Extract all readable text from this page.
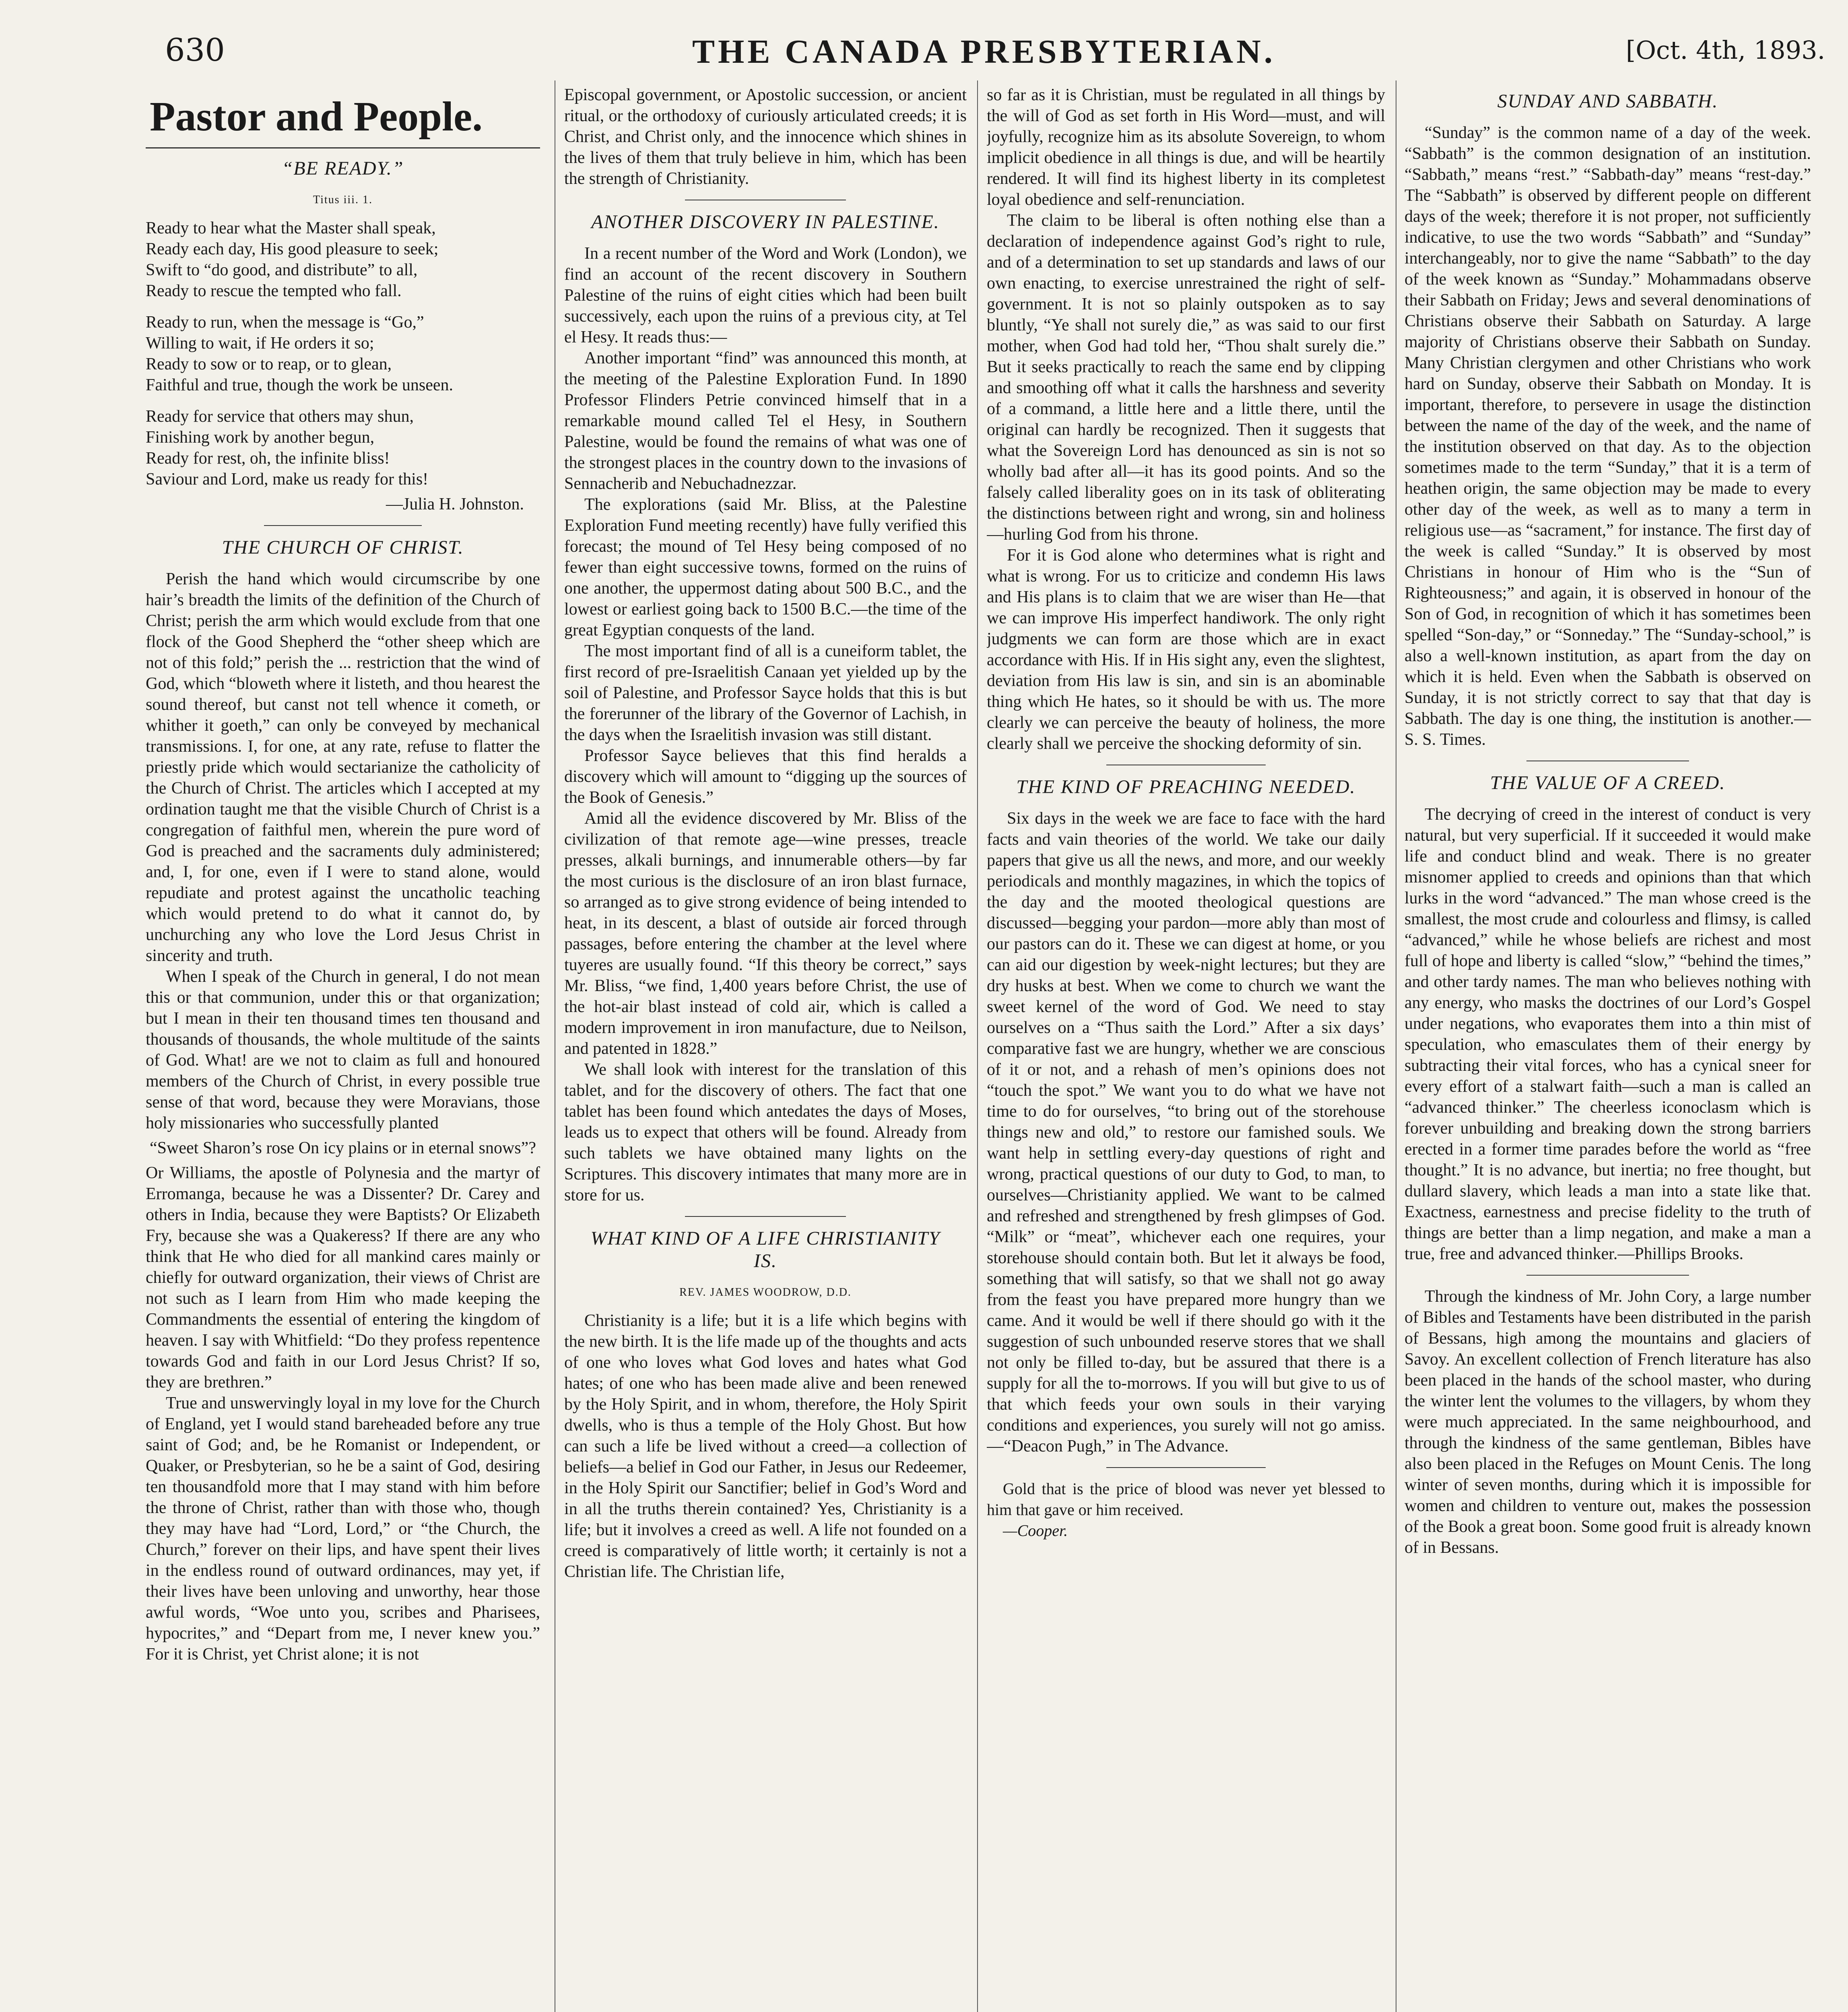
630	THE CANADA PRESBYTERIAN.	[Oct. 4th, 1893.
Pastor and People.
“BE READY.”
Titus iii. 1.

Ready to hear what the Master shall speak,

Ready each day, His good pleasure to seek;

Swift to “do good, and distribute” to all,

Ready to rescue the tempted who fall.

Ready to run, when the message is “Go,”

Willing to wait, if He orders it so;

Ready to sow or to reap, or to glean,

Faithful and true, though the work be unseen.

Ready for service that others may shun,

Finishing work by another begun,

Ready for rest, oh, the infinite bliss!

Saviour and Lord, make us ready for this!

—Julia H. Johnston.
THE CHURCH OF CHRIST.

Perish the hand which would circumscribe by one hair’s breadth the limits of the definition of the Church of Christ; perish the arm which would exclude from that one flock of the Good Shepherd the “other sheep which are not of this fold;” perish the ... restriction that the wind of God, which “bloweth where it listeth, and thou hearest the sound thereof, but canst not tell whence it cometh, or whither it goeth,” can only be conveyed by mechanical transmissions. I, for one, at any rate, refuse to flatter the priestly pride which would sectarianize the catholicity of the Church of Christ. The articles which I accepted at my ordination taught me that the visible Church of Christ is a congregation of faithful men, wherein the pure word of God is preached and the sacraments duly administered; and, I, for one, even if I were to stand alone, would repudiate and protest against the uncatholic teaching which would pretend to do what it cannot do, by unchurching any who love the Lord Jesus Christ in sincerity and truth.

When I speak of the Church in general, I do not mean this or that communion, under this or that organization; but I mean in their ten thousand times ten thousand and thousands of thousands, the whole multitude of the saints of God. What! are we not to claim as full and honoured members of the Church of Christ, in every possible true sense of that word, because they were Moravians, those holy missionaries who successfully planted

“Sweet Sharon’s rose On icy plains or in eternal snows”?

Or Williams, the apostle of Polynesia and the martyr of Erromanga, because he was a Dissenter? Dr. Carey and others in India, because they were Baptists? Or Elizabeth Fry, because she was a Quakeress? If there are any who think that He who died for all mankind cares mainly or chiefly for outward organization, their views of Christ are not such as I learn from Him who made keeping the Commandments the essential of entering the kingdom of heaven. I say with Whitfield: “Do they profess repentence towards God and faith in our Lord Jesus Christ? If so, they are brethren.”

True and unswervingly loyal in my love for the Church of England, yet I would stand bareheaded before any true saint of God; and, be he Romanist or Independent, or Quaker, or Presbyterian, so he be a saint of God, desiring ten thousandfold more that I may stand with him before the throne of Christ, rather than with those who, though they may have had “Lord, Lord,” or “the Church, the Church,” forever on their lips, and have spent their lives in the endless round of outward ordinances, may yet, if their lives have been unloving and unworthy, hear those awful words, “Woe unto you, scribes and Pharisees, hypocrites,” and “Depart from me, I never knew you.” For it is Christ, yet Christ alone; it is not

Episcopal government, or Apostolic succession, or ancient ritual, or the orthodoxy of curiously articulated creeds; it is Christ, and Christ only, and the innocence which shines in the lives of them that truly believe in him, which has been the strength of Christianity.

ANOTHER DISCOVERY IN PALESTINE.

In a recent number of the Word and Work (London), we find an account of the recent discovery in Southern Palestine of the ruins of eight cities which had been built successively, each upon the ruins of a previous city, at Tel el Hesy. It reads thus:—

Another important “find” was announced this month, at the meeting of the Palestine Exploration Fund. In 1890 Professor Flinders Petrie convinced himself that in a remarkable mound called Tel el Hesy, in Southern Palestine, would be found the remains of what was one of the strongest places in the country down to the invasions of Sennacherib and Nebuchadnezzar.

The explorations (said Mr. Bliss, at the Palestine Exploration Fund meeting recently) have fully verified this forecast; the mound of Tel Hesy being composed of no fewer than eight successive towns, formed on the ruins of one another, the uppermost dating about 500 B.C., and the lowest or earliest going back to 1500 B.C.—the time of the great Egyptian conquests of the land.

The most important find of all is a cuneiform tablet, the first record of pre-Israelitish Canaan yet yielded up by the soil of Palestine, and Professor Sayce holds that this is but the forerunner of the library of the Governor of Lachish, in the days when the Israelitish invasion was still distant.

Professor Sayce believes that this find heralds a discovery which will amount to “digging up the sources of the Book of Genesis.”

Amid all the evidence discovered by Mr. Bliss of the civilization of that remote age—wine presses, treacle presses, alkali burnings, and innumerable others—by far the most curious is the disclosure of an iron blast furnace, so arranged as to give strong evidence of being intended to heat, in its descent, a blast of outside air forced through passages, before entering the chamber at the level where tuyeres are usually found. “If this theory be correct,” says Mr. Bliss, “we find, 1,400 years before Christ, the use of the hot-air blast instead of cold air, which is called a modern improvement in iron manufacture, due to Neilson, and patented in 1828.”

We shall look with interest for the translation of this tablet, and for the discovery of others. The fact that one tablet has been found which antedates the days of Moses, leads us to expect that others will be found. Already from such tablets we have obtained many lights on the Scriptures. This discovery intimates that many more are in store for us.

WHAT KIND OF A LIFE CHRISTIANITY IS.
REV. JAMES WOODROW, D.D.

Christianity is a life; but it is a life which begins with the new birth. It is the life made up of the thoughts and acts of one who loves what God loves and hates what God hates; of one who has been made alive and been renewed by the Holy Spirit, and in whom, therefore, the Holy Spirit dwells, who is thus a temple of the Holy Ghost. But how can such a life be lived without a creed—a collection of beliefs—a belief in God our Father, in Jesus our Redeemer, in the Holy Spirit our Sanctifier; belief in God’s Word and in all the truths therein contained? Yes, Christianity is a life; but it involves a creed as well. A life not founded on a creed is comparatively of little worth; it certainly is not a Christian life. The Christian life,

so far as it is Christian, must be regulated in all things by the will of God as set forth in His Word—must, and will joyfully, recognize him as its absolute Sovereign, to whom implicit obedience in all things is due, and will be heartily rendered. It will find its highest liberty in its completest loyal obedience and self-renunciation.

The claim to be liberal is often nothing else than a declaration of independence against God’s right to rule, and of a determination to set up standards and laws of our own enacting, to exercise unrestrained the right of self-government. It is not so plainly outspoken as to say bluntly, “Ye shall not surely die,” as was said to our first mother, when God had told her, “Thou shalt surely die.” But it seeks practically to reach the same end by clipping and smoothing off what it calls the harshness and severity of a command, a little here and a little there, until the original can hardly be recognized. Then it suggests that what the Sovereign Lord has denounced as sin is not so wholly bad after all—it has its good points. And so the falsely called liberality goes on in its task of obliterating the distinctions between right and wrong, sin and holiness—hurling God from his throne.

For it is God alone who determines what is right and what is wrong. For us to criticize and condemn His laws and His plans is to claim that we are wiser than He—that we can improve His imperfect handiwork. The only right judgments we can form are those which are in exact accordance with His. If in His sight any, even the slightest, deviation from His law is sin, and sin is an abominable thing which He hates, so it should be with us. The more clearly we can perceive the beauty of holiness, the more clearly shall we perceive the shocking deformity of sin.

THE KIND OF PREACHING NEEDED.

Six days in the week we are face to face with the hard facts and vain theories of the world. We take our daily papers that give us all the news, and more, and our weekly periodicals and monthly magazines, in which the topics of the day and the mooted theological questions are discussed—begging your pardon—more ably than most of our pastors can do it. These we can digest at home, or you can aid our digestion by week-night lectures; but they are dry husks at best. When we come to church we want the sweet kernel of the word of God. We need to stay ourselves on a “Thus saith the Lord.” After a six days’ comparative fast we are hungry, whether we are conscious of it or not, and a rehash of men’s opinions does not “touch the spot.” We want you to do what we have not time to do for ourselves, “to bring out of the storehouse things new and old,” to restore our famished souls. We want help in settling every-day questions of right and wrong, practical questions of our duty to God, to man, to ourselves—Christianity applied. We want to be calmed and refreshed and strengthened by fresh glimpses of God. “Milk” or “meat”, whichever each one requires, your storehouse should contain both. But let it always be food, something that will satisfy, so that we shall not go away from the feast you have prepared more hungry than we came. And it would be well if there should go with it the suggestion of such unbounded reserve stores that we shall not only be filled to-day, but be assured that there is a supply for all the to-morrows. If you will but give to us of that which feeds your own souls in their varying conditions and experiences, you surely will not go amiss.—“Deacon Pugh,” in The Advance.

Gold that is the price of blood was never yet blessed to him that gave or him received.

—Cooper.

SUNDAY AND SABBATH.

“Sunday” is the common name of a day of the week. “Sabbath” is the common designation of an institution. “Sabbath,” means “rest.” “Sabbath-day” means “rest-day.” The “Sabbath” is observed by different people on different days of the week; therefore it is not proper, not sufficiently indicative, to use the two words “Sabbath” and “Sunday” interchangeably, nor to give the name “Sabbath” to the day of the week known as “Sunday.” Mohammadans observe their Sabbath on Friday; Jews and several denominations of Christians observe their Sabbath on Saturday. A large majority of Christians observe their Sabbath on Sunday. Many Christian clergymen and other Christians who work hard on Sunday, observe their Sabbath on Monday. It is important, therefore, to persevere in usage the distinction between the name of the day of the week, and the name of the institution observed on that day. As to the objection sometimes made to the term “Sunday,” that it is a term of heathen origin, the same objection may be made to every other day of the week, as well as to many a term in religious use—as “sacrament,” for instance. The first day of the week is called “Sunday.” It is observed by most Christians in honour of Him who is the “Sun of Righteousness;” and again, it is observed in honour of the Son of God, in recognition of which it has sometimes been spelled “Son-day,” or “Sonneday.” The “Sunday-school,” is also a well-known institution, as apart from the day on which it is held. Even when the Sabbath is observed on Sunday, it is not strictly correct to say that that day is Sabbath. The day is one thing, the institution is another.—S. S. Times.

THE VALUE OF A CREED.

The decrying of creed in the interest of conduct is very natural, but very superficial. If it succeeded it would make life and conduct blind and weak. There is no greater misnomer applied to creeds and opinions than that which lurks in the word “advanced.” The man whose creed is the smallest, the most crude and colourless and flimsy, is called “advanced,” while he whose beliefs are richest and most full of hope and liberty is called “slow,” “behind the times,” and other tardy names. The man who believes nothing with any energy, who masks the doctrines of our Lord’s Gospel under negations, who evaporates them into a thin mist of speculation, who emasculates them of their energy by subtracting their vital forces, who has a cynical sneer for every effort of a stalwart faith—such a man is called an “advanced thinker.” The cheerless iconoclasm which is forever unbuilding and breaking down the strong barriers erected in a former time parades before the world as “free thought.” It is no advance, but inertia; no free thought, but dullard slavery, which leads a man into a state like that. Exactness, earnestness and precise fidelity to the truth of things are better than a limp negation, and make a man a true, free and advanced thinker.—Phillips Brooks.

Through the kindness of Mr. John Cory, a large number of Bibles and Testaments have been distributed in the parish of Bessans, high among the mountains and glaciers of Savoy. An excellent collection of French literature has also been placed in the hands of the school master, who during the winter lent the volumes to the villagers, by whom they were much appreciated. In the same neighbourhood, and through the kindness of the same gentleman, Bibles have also been placed in the Refuges on Mount Cenis. The long winter of seven months, during which it is impossible for women and children to venture out, makes the possession of the Book a great boon. Some good fruit is already known of in Bessans.
